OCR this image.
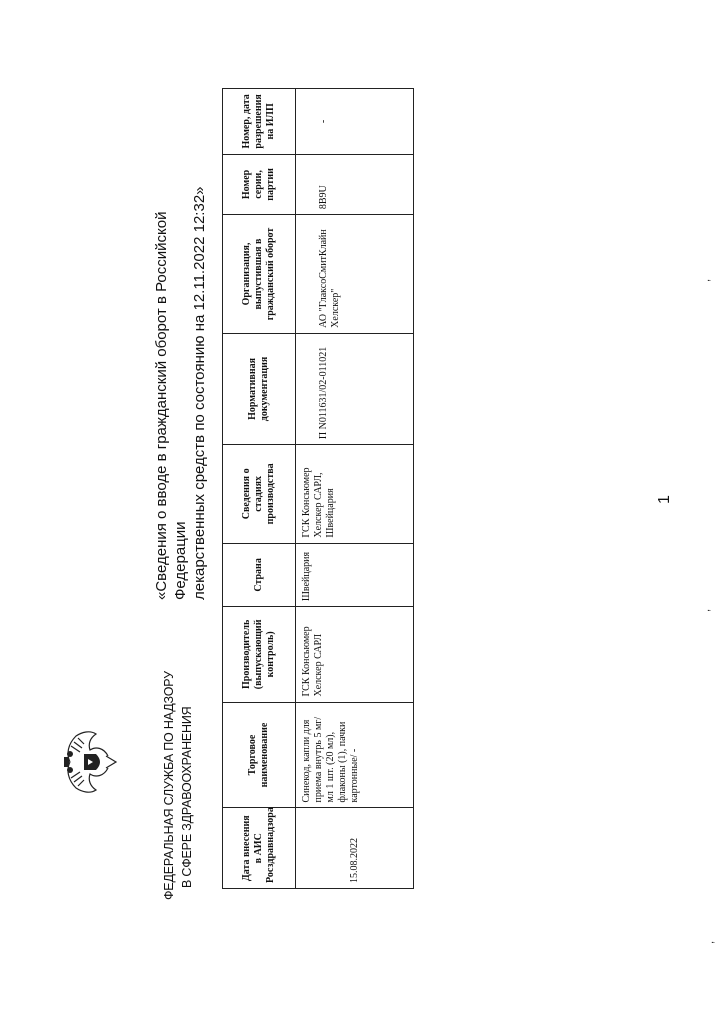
ФЕДЕРАЛЬНАЯ СЛУЖБА ПО НАДЗОРУ В СФЕРЕ ЗДРАВООХРАНЕНИЯ
«Сведения о вводе в гражданский оборот в Российской Федерации лекарственных средств по состоянию на 12.11.2022 12:32»
Дата внесения в АИС Росздравнадзора	Торговое наименование	Производитель (выпускающий контроль)	Страна	Сведения о стадиях производства	Нормативная документация	Организация, выпустившая в гражданский оборот	Номер серии, партии	Номер, дата разрешения на ИЛП
15.08.2022	Синекод, капли для приема внутрь 5 мг/мл 1 шт. (20 мл), флаконы (1), пачки картонные/ -	ГСК Консьюмер Хелскер САРЛ	Швейцария	ГСК Консьюмер Хелскер САРЛ, Швейцария	П N011631/02-011021	АО "ГлаксоСмитКлайн Хелскер"	8B9U	-
1
,
,
,
